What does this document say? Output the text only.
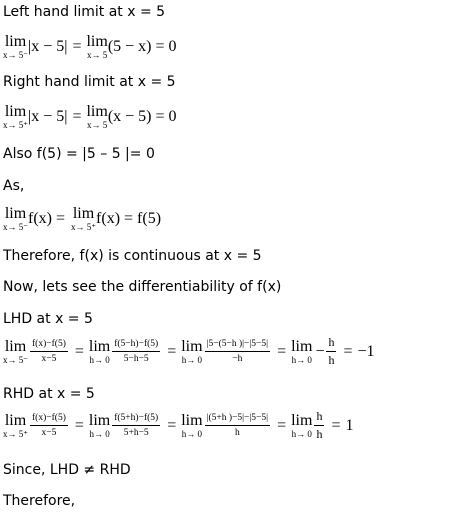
Left hand limit at x = 5
lim
x→ 5⁻ |x − 5| = lim
x→ 5 (5 − x) = 0
Right hand limit at x = 5
lim
x→ 5⁺ |x − 5| = lim
x→ 5 (x − 5) = 0
Also f(5) = |5 – 5 |= 0
As,
lim
x→ 5⁻ f(x) = lim
x→ 5⁺ f(x) = f(5)
Therefore, f(x) is continuous at x = 5
Now, lets see the differentiability of f(x)
LHD at x = 5
lim
$x\to 5^- \frac{f(x)-f(5)}{x-5} = \lim$
$h\to 0 \frac{f(5-h)-f(5)}{5-h-5} = \lim$
$h\to 0 \frac{|5-(5-h )|-|5-5|}{-h} = \lim$
$h\to 0 - \frac{h}{h} = -1$
RHD at x = 5
lim
$x\to 5^+ \frac{f(x)-f(5)}{x-5} = \lim$
$h\to 0 \frac{f(5+h)-f(5)}{5+h-5} = \lim$
$h\to 0 \frac{|(5+h )-5|-|5-5|}{h} = \lim$
$h\to 0 \frac{h}{h} = 1$
Since, LHD ≠ RHD
Therefore,
